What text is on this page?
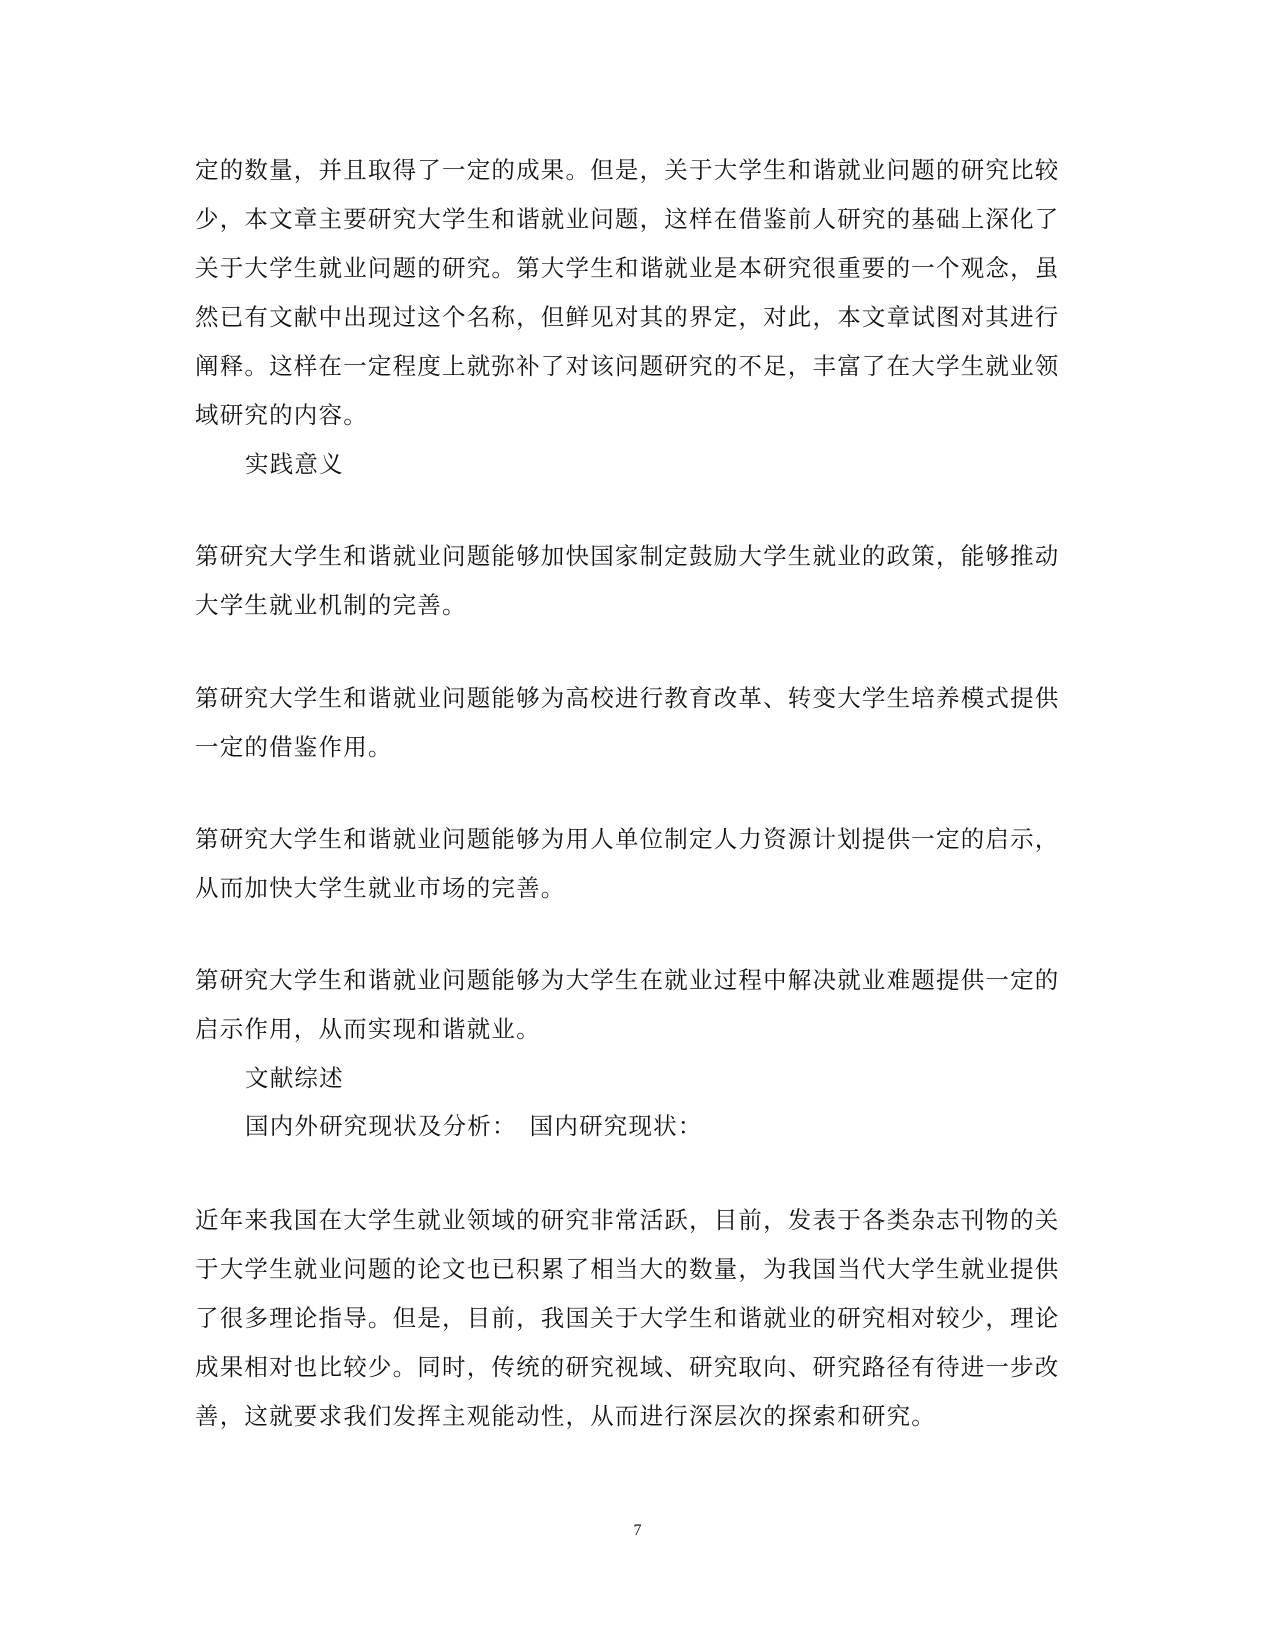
定的数量，并且取得了一定的成果。但是，关于大学生和谐就业问题的研究比较
少，本文章主要研究大学生和谐就业问题，这样在借鉴前人研究的基础上深化了
关于大学生就业问题的研究。第大学生和谐就业是本研究很重要的一个观念，虽
然已有文献中出现过这个名称，但鲜见对其的界定，对此，本文章试图对其进行
阐释。这样在一定程度上就弥补了对该问题研究的不足，丰富了在大学生就业领
域研究的内容。

实践意义

第研究大学生和谐就业问题能够加快国家制定鼓励大学生就业的政策，能够推动
大学生就业机制的完善。

第研究大学生和谐就业问题能够为高校进行教育改革、转变大学生培养模式提供
一定的借鉴作用。

第研究大学生和谐就业问题能够为用人单位制定人力资源计划提供一定的启示，
从而加快大学生就业市场的完善。

第研究大学生和谐就业问题能够为大学生在就业过程中解决就业难题提供一定的
启示作用，从而实现和谐就业。

文献综述

国内外研究现状及分析：　国内研究现状：

近年来我国在大学生就业领域的研究非常活跃，目前，发表于各类杂志刊物的关
于大学生就业问题的论文也已积累了相当大的数量，为我国当代大学生就业提供
了很多理论指导。但是，目前，我国关于大学生和谐就业的研究相对较少，理论
成果相对也比较少。同时，传统的研究视域、研究取向、研究路径有待进一步改
善，这就要求我们发挥主观能动性，从而进行深层次的探索和研究。

7
